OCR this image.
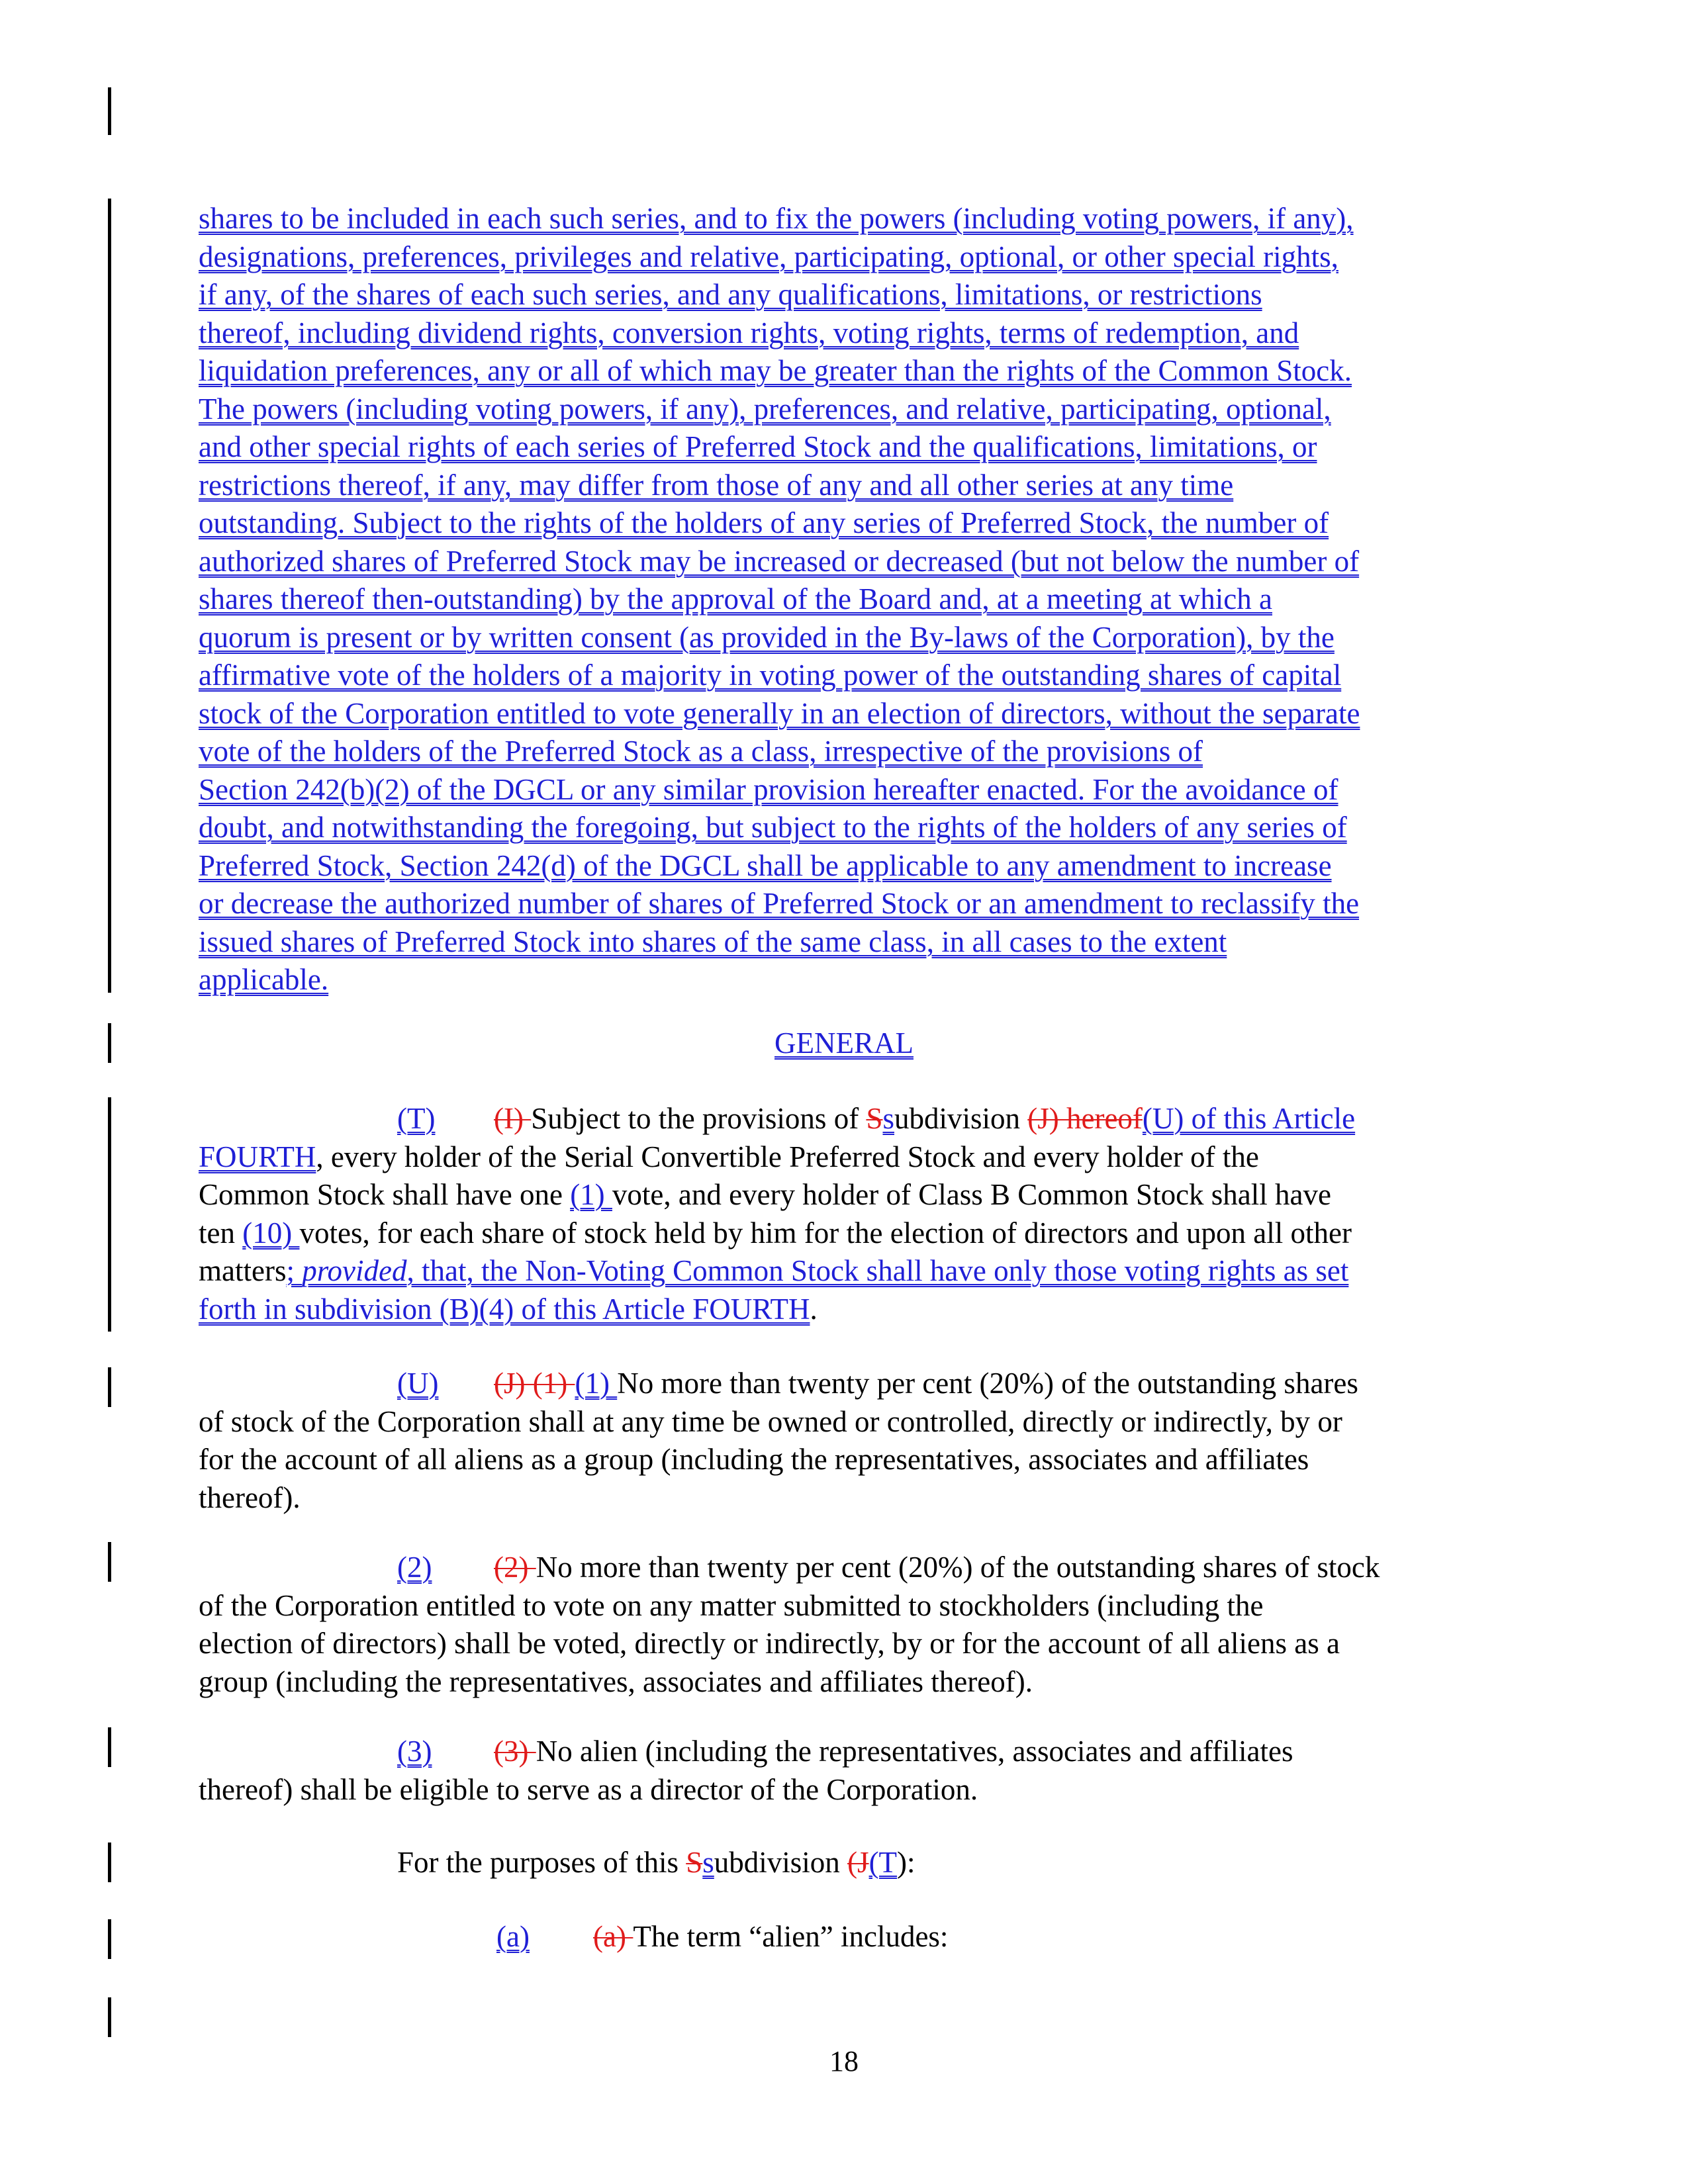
shares to be included in each such series, and to fix the powers (including voting powers, if any),
designations, preferences, privileges and relative, participating, optional, or other special rights,
if any, of the shares of each such series, and any qualifications, limitations, or restrictions
thereof, including dividend rights, conversion rights, voting rights, terms of redemption, and
liquidation preferences, any or all of which may be greater than the rights of the Common Stock.
The powers (including voting powers, if any), preferences, and relative, participating, optional,
and other special rights of each series of Preferred Stock and the qualifications, limitations, or
restrictions thereof, if any, may differ from those of any and all other series at any time
outstanding. Subject to the rights of the holders of any series of Preferred Stock, the number of
authorized shares of Preferred Stock may be increased or decreased (but not below the number of
shares thereof then-outstanding) by the approval of the Board and, at a meeting at which a
quorum is present or by written consent (as provided in the By-laws of the Corporation), by the
affirmative vote of the holders of a majority in voting power of the outstanding shares of capital
stock of the Corporation entitled to vote generally in an election of directors, without the separate
vote of the holders of the Preferred Stock as a class, irrespective of the provisions of
Section 242(b)(2) of the DGCL or any similar provision hereafter enacted. For the avoidance of
doubt, and notwithstanding the foregoing, but subject to the rights of the holders of any series of
Preferred Stock, Section 242(d) of the DGCL shall be applicable to any amendment to increase
or decrease the authorized number of shares of Preferred Stock or an amendment to reclassify the
issued shares of Preferred Stock into shares of the same class, in all cases to the extent
applicable.
GENERAL
(T) (I) Subject to the provisions of Ssubdivision (J) hereof(U) of this Article
FOURTH, every holder of the Serial Convertible Preferred Stock and every holder of the
Common Stock shall have one (1) vote, and every holder of Class B Common Stock shall have
ten (10) votes, for each share of stock held by him for the election of directors and upon all other
matters; provided, that, the Non-Voting Common Stock shall have only those voting rights as set
forth in subdivision (B)(4) of this Article FOURTH.
(U) (J) (1) (1) No more than twenty per cent (20%) of the outstanding shares
of stock of the Corporation shall at any time be owned or controlled, directly or indirectly, by or
for the account of all aliens as a group (including the representatives, associates and affiliates
thereof).
(2) (2) No more than twenty per cent (20%) of the outstanding shares of stock
of the Corporation entitled to vote on any matter submitted to stockholders (including the
election of directors) shall be voted, directly or indirectly, by or for the account of all aliens as a
group (including the representatives, associates and affiliates thereof).
(3) (3) No alien (including the representatives, associates and affiliates
thereof) shall be eligible to serve as a director of the Corporation.
For the purposes of this Ssubdivision (J(T):
(a) (a) The term “alien” includes:
18
